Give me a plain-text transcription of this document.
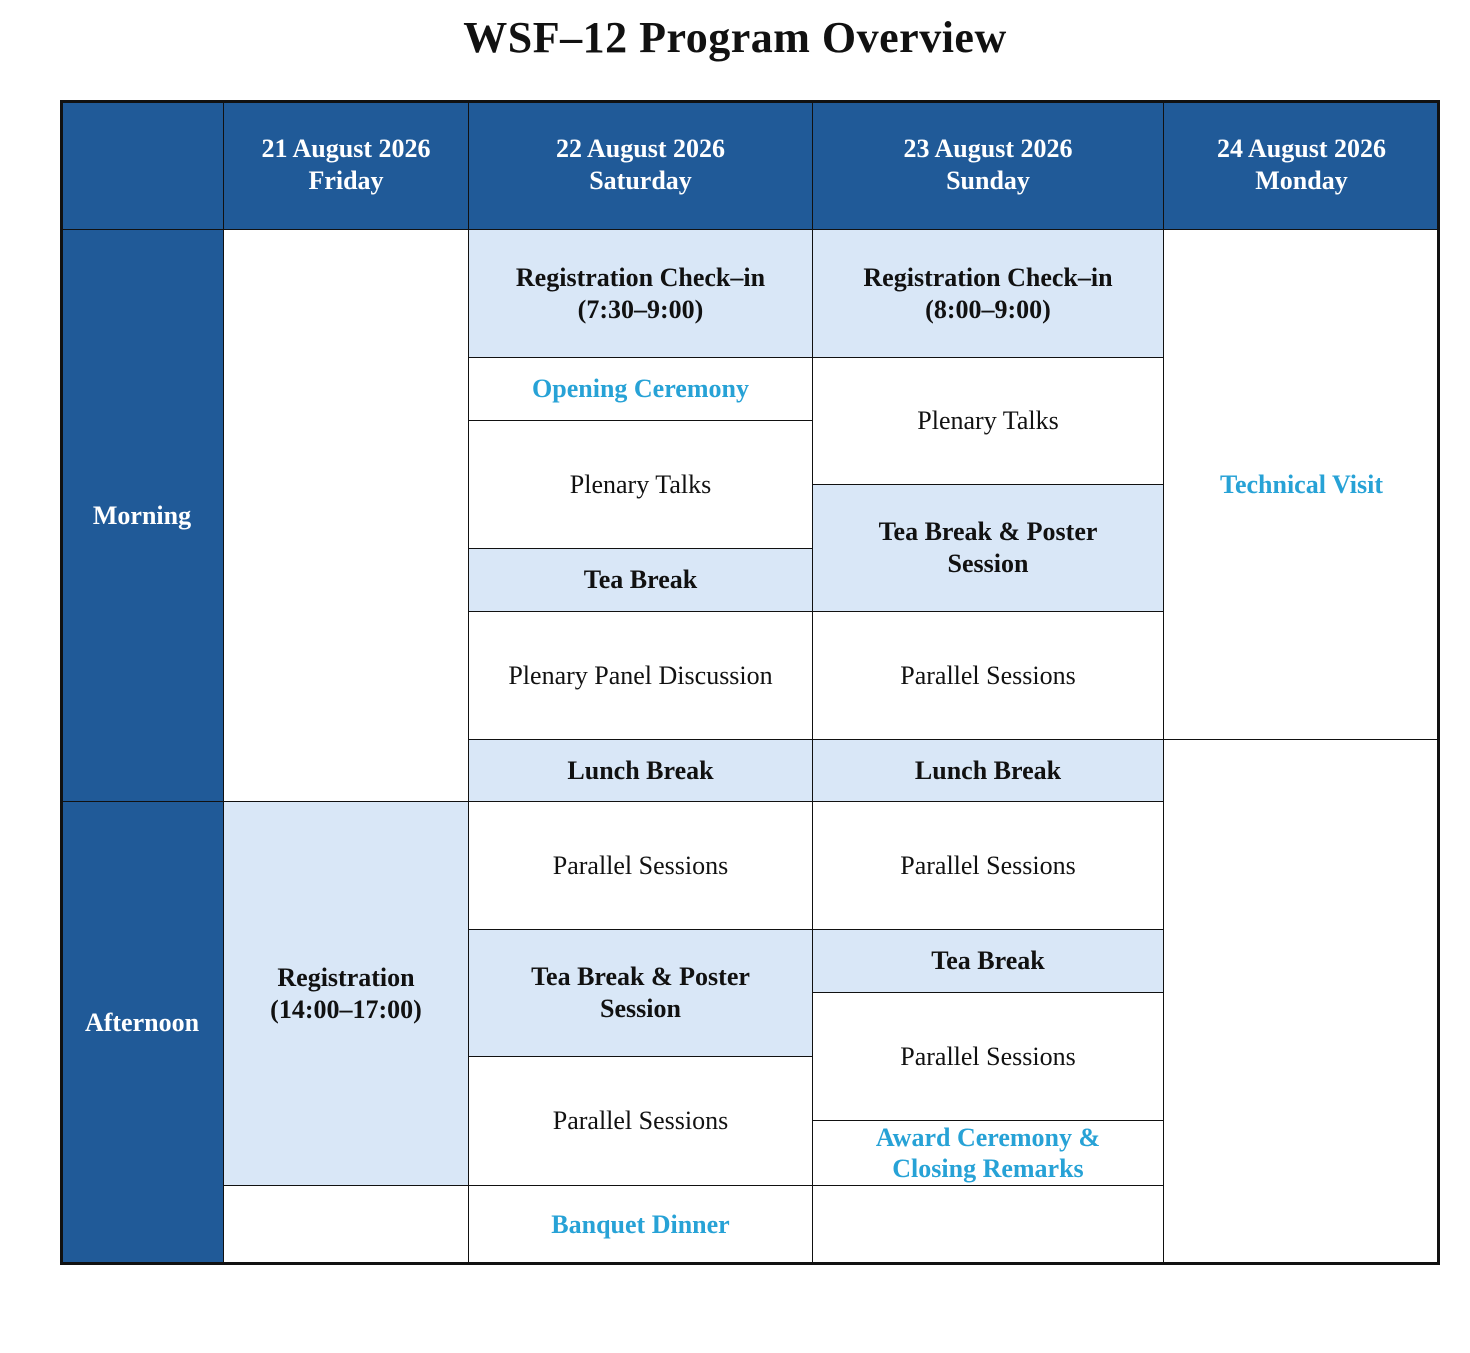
WSF–12 Program Overview
21 August 2026
Friday
22 August 2026
Saturday
23 August 2026
Sunday
24 August 2026
Monday
Morning
Afternoon
Registration
(14:00–17:00)
Registration Check–in
(7:30–9:00)
Opening Ceremony
Plenary Talks
Tea Break
Plenary Panel Discussion
Lunch Break
Parallel Sessions
Tea Break & Poster
Session
Parallel Sessions
Banquet Dinner
Registration Check–in
(8:00–9:00)
Plenary Talks
Tea Break & Poster
Session
Parallel Sessions
Lunch Break
Parallel Sessions
Tea Break
Parallel Sessions
Award Ceremony &
Closing Remarks
Technical Visit
